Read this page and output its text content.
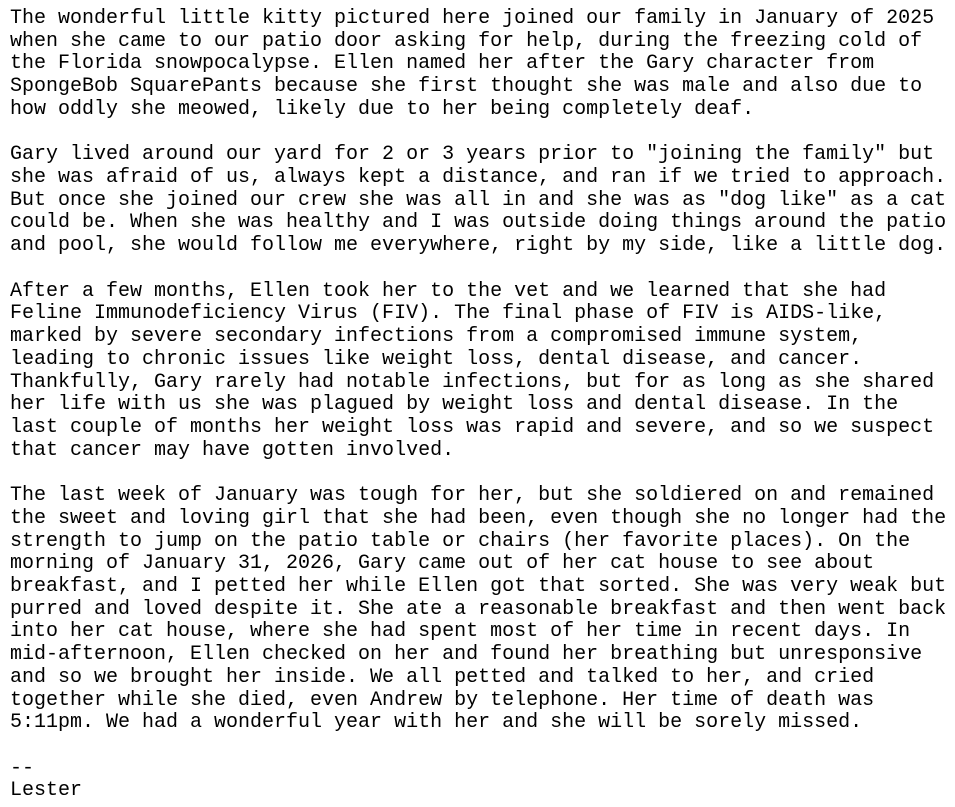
The wonderful little kitty pictured here joined our family in January of 2025
when she came to our patio door asking for help, during the freezing cold of
the Florida snowpocalypse. Ellen named her after the Gary character from
SpongeBob SquarePants because she first thought she was male and also due to
how oddly she meowed, likely due to her being completely deaf.
Gary lived around our yard for 2 or 3 years prior to "joining the family" but
she was afraid of us, always kept a distance, and ran if we tried to approach.
But once she joined our crew she was all in and she was as "dog like" as a cat
could be. When she was healthy and I was outside doing things around the patio
and pool, she would follow me everywhere, right by my side, like a little dog.
After a few months, Ellen took her to the vet and we learned that she had
Feline Immunodeficiency Virus (FIV). The final phase of FIV is AIDS-like,
marked by severe secondary infections from a compromised immune system,
leading to chronic issues like weight loss, dental disease, and cancer.
Thankfully, Gary rarely had notable infections, but for as long as she shared
her life with us she was plagued by weight loss and dental disease. In the
last couple of months her weight loss was rapid and severe, and so we suspect
that cancer may have gotten involved.
The last week of January was tough for her, but she soldiered on and remained
the sweet and loving girl that she had been, even though she no longer had the
strength to jump on the patio table or chairs (her favorite places). On the
morning of January 31, 2026, Gary came out of her cat house to see about
breakfast, and I petted her while Ellen got that sorted. She was very weak but
purred and loved despite it. She ate a reasonable breakfast and then went back
into her cat house, where she had spent most of her time in recent days. In
mid-afternoon, Ellen checked on her and found her breathing but unresponsive
and so we brought her inside. We all petted and talked to her, and cried
together while she died, even Andrew by telephone. Her time of death was
5:11pm. We had a wonderful year with her and she will be sorely missed.
--
Lester
